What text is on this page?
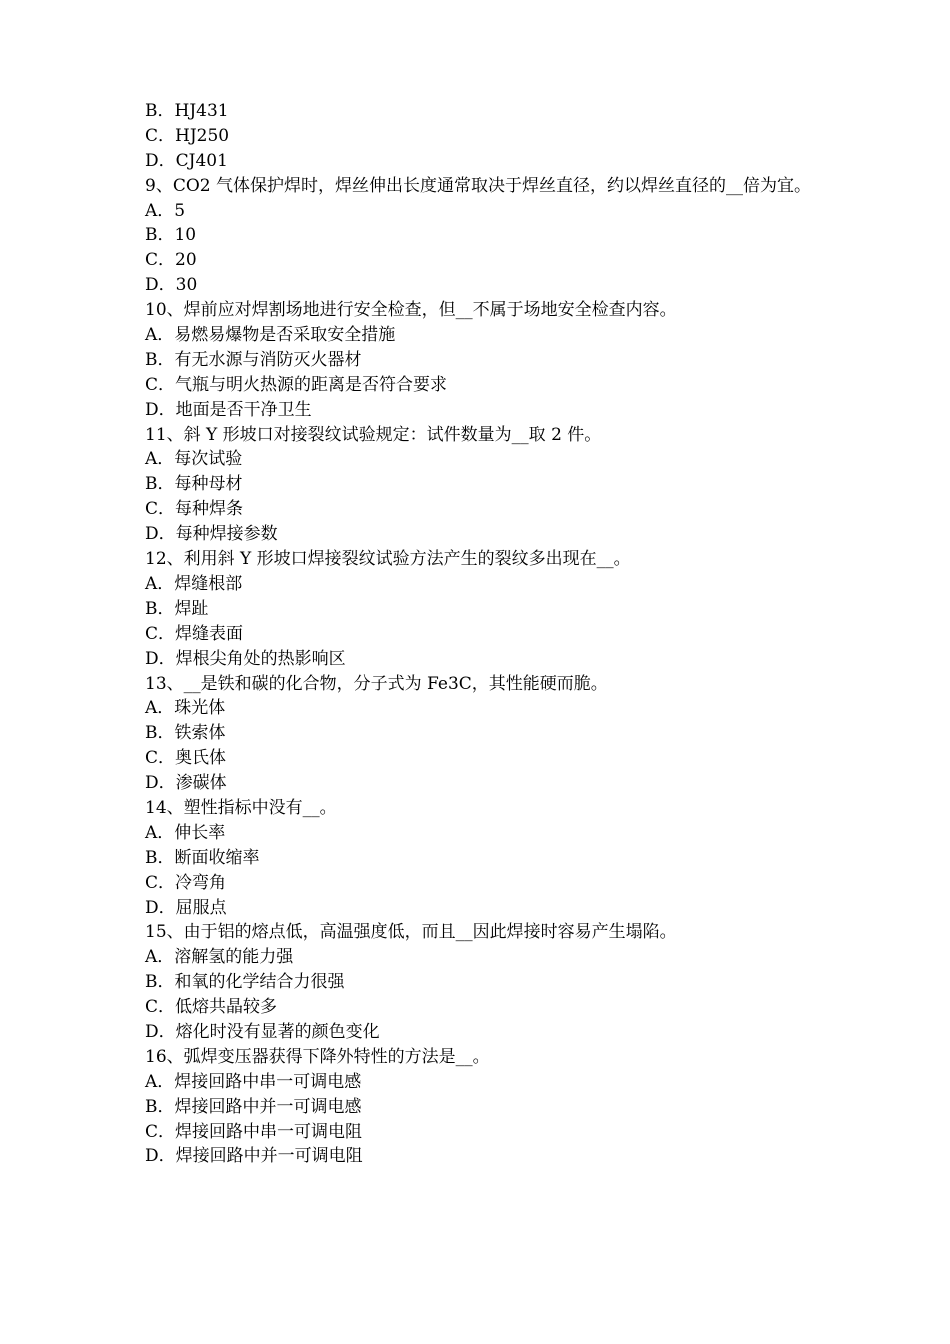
B．HJ431
C．HJ250
D．CJ401
9、CO2 气体保护焊时，焊丝伸出长度通常取决于焊丝直径，约以焊丝直径的__倍为宜。
A．5
B．10
C．20
D．30
10、焊前应对焊割场地进行安全检查，但__不属于场地安全检查内容。
A．易燃易爆物是否采取安全措施
B．有无水源与消防灭火器材
C．气瓶与明火热源的距离是否符合要求
D．地面是否干净卫生
11、斜 Y 形坡口对接裂纹试验规定：试件数量为__取 2 件。
A．每次试验
B．每种母材
C．每种焊条
D．每种焊接参数
12、利用斜 Y 形坡口焊接裂纹试验方法产生的裂纹多出现在__。
A．焊缝根部
B．焊趾
C．焊缝表面
D．焊根尖角处的热影响区
13、__是铁和碳的化合物，分子式为 Fe3C，其性能硬而脆。
A．珠光体
B．铁索体
C．奥氏体
D．渗碳体
14、塑性指标中没有__。
A．伸长率
B．断面收缩率
C．冷弯角
D．屈服点
15、由于铝的熔点低，高温强度低，而且__因此焊接时容易产生塌陷。
A．溶解氢的能力强
B．和氧的化学结合力很强
C．低熔共晶较多
D．熔化时没有显著的颜色变化
16、弧焊变压器获得下降外特性的方法是__。
A．焊接回路中串一可调电感
B．焊接回路中并一可调电感
C．焊接回路中串一可调电阻
D．焊接回路中并一可调电阻
